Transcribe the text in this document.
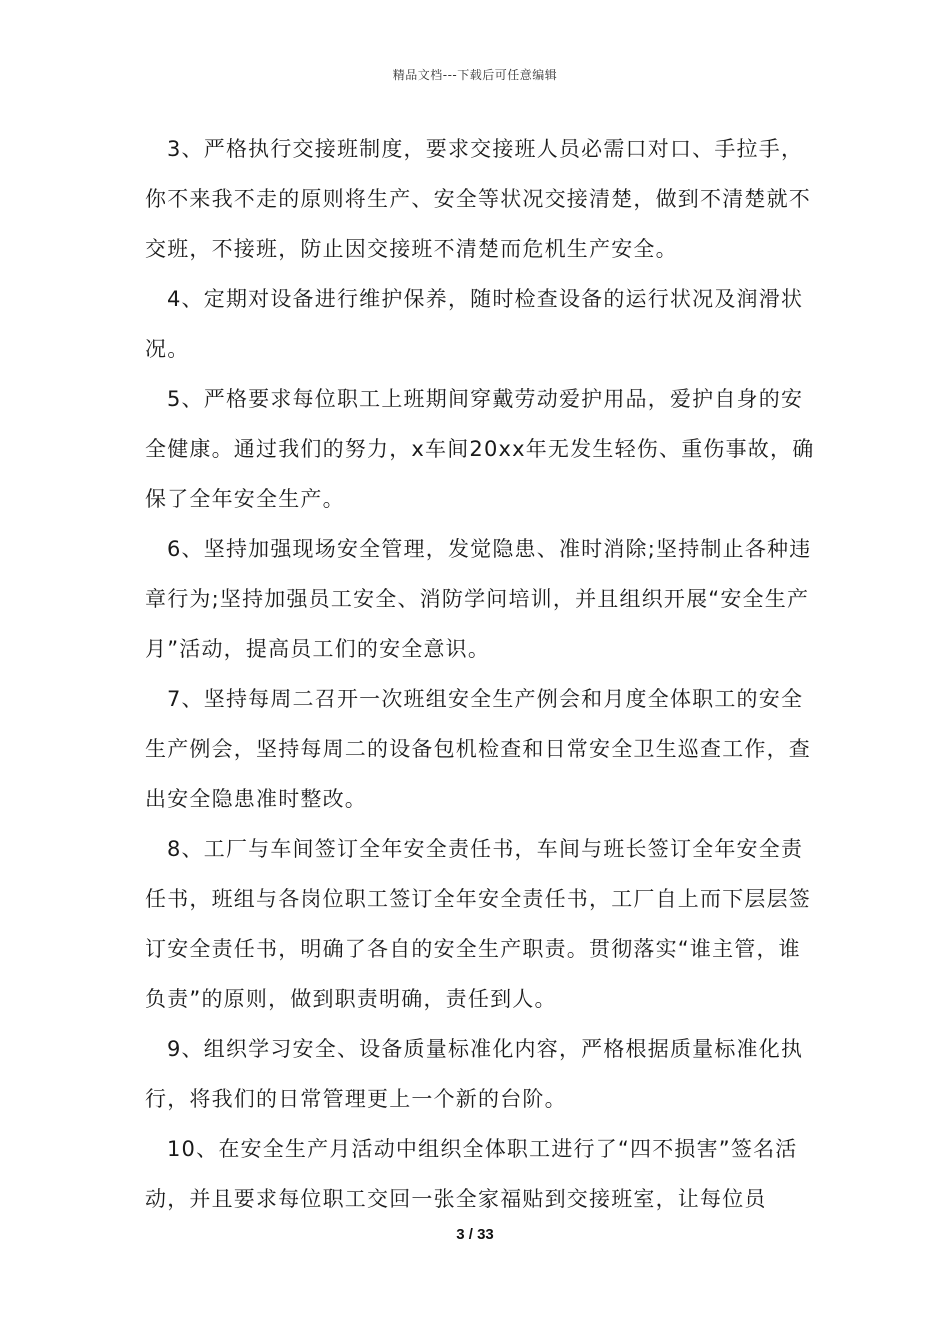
精品文档---下载后可任意编辑

3、严格执行交接班制度，要求交接班人员必需口对口、手拉手，你不来我不走的原则将生产、安全等状况交接清楚，做到不清楚就不交班，不接班，防止因交接班不清楚而危机生产安全。

4、定期对设备进行维护保养，随时检查设备的运行状况及润滑状况。

5、严格要求每位职工上班期间穿戴劳动爱护用品，爱护自身的安全健康。通过我们的努力，x车间20xx年无发生轻伤、重伤事故，确保了全年安全生产。

6、坚持加强现场安全管理，发觉隐患、准时消除;坚持制止各种违章行为;坚持加强员工安全、消防学问培训，并且组织开展“安全生产月”活动，提高员工们的安全意识。

7、坚持每周二召开一次班组安全生产例会和月度全体职工的安全生产例会，坚持每周二的设备包机检查和日常安全卫生巡查工作，查出安全隐患准时整改。

8、工厂与车间签订全年安全责任书，车间与班长签订全年安全责任书，班组与各岗位职工签订全年安全责任书，工厂自上而下层层签订安全责任书，明确了各自的安全生产职责。贯彻落实“谁主管，谁负责”的原则，做到职责明确，责任到人。

9、组织学习安全、设备质量标准化内容，严格根据质量标准化执行，将我们的日常管理更上一个新的台阶。

10、在安全生产月活动中组织全体职工进行了“四不损害”签名活动，并且要求每位职工交回一张全家福贴到交接班室，让每位员

3 / 33
